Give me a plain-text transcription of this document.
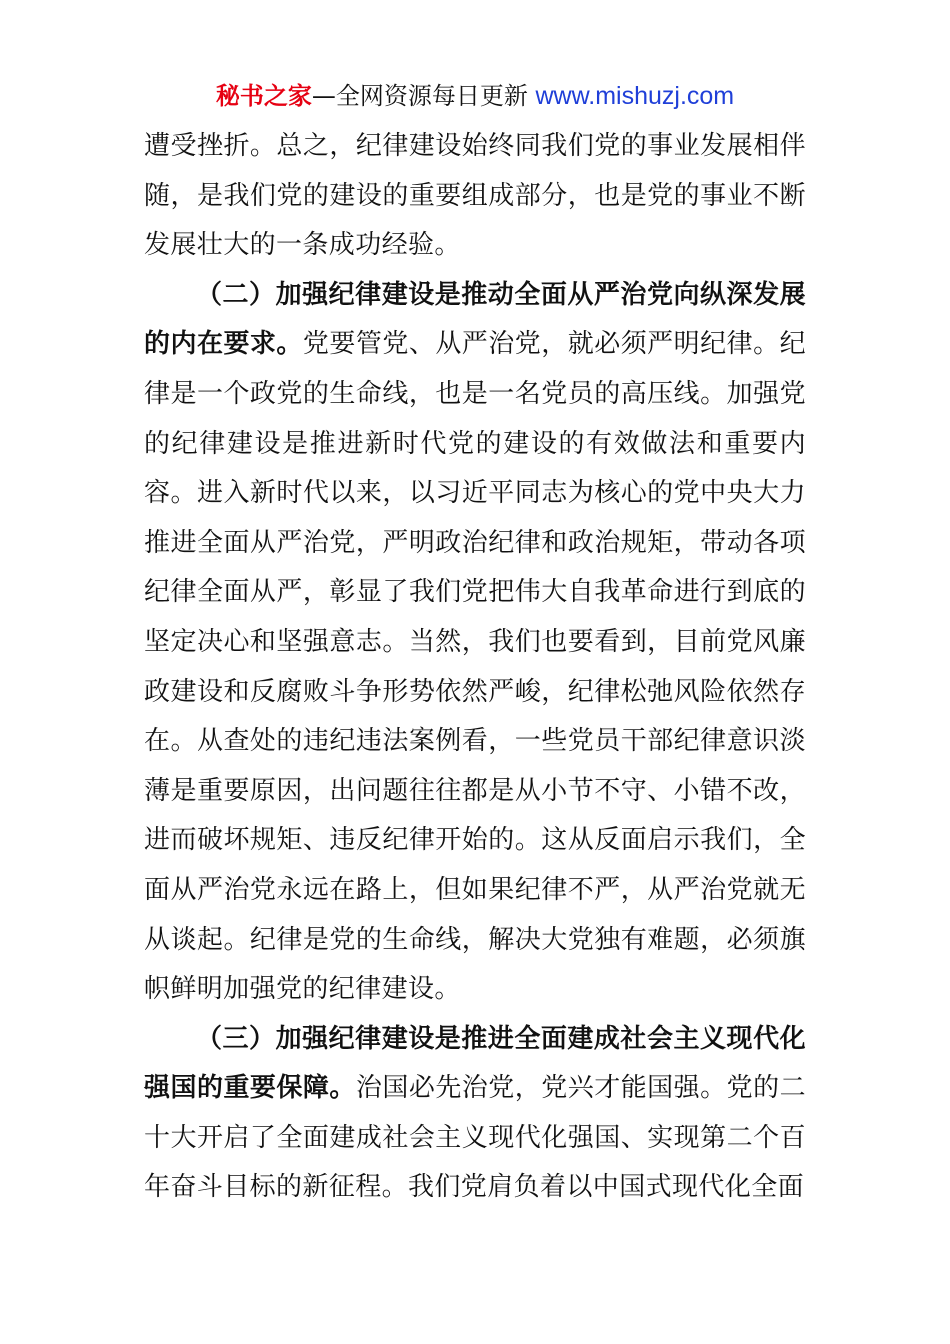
秘书之家—全网资源每日更新 www.mishuzj.com

遭受挫折。总之，纪律建设始终同我们党的事业发展相伴随，是我们党的建设的重要组成部分，也是党的事业不断发展壮大的一条成功经验。

（二）加强纪律建设是推动全面从严治党向纵深发展的内在要求。党要管党、从严治党，就必须严明纪律。纪律是一个政党的生命线，也是一名党员的高压线。加强党的纪律建设是推进新时代党的建设的有效做法和重要内容。进入新时代以来，以习近平同志为核心的党中央大力推进全面从严治党，严明政治纪律和政治规矩，带动各项纪律全面从严，彰显了我们党把伟大自我革命进行到底的坚定决心和坚强意志。当然，我们也要看到，目前党风廉政建设和反腐败斗争形势依然严峻，纪律松弛风险依然存在。从查处的违纪违法案例看，一些党员干部纪律意识淡薄是重要原因，出问题往往都是从小节不守、小错不改，进而破坏规矩、违反纪律开始的。这从反面启示我们，全面从严治党永远在路上，但如果纪律不严，从严治党就无从谈起。纪律是党的生命线，解决大党独有难题，必须旗帜鲜明加强党的纪律建设。

（三）加强纪律建设是推进全面建成社会主义现代化强国的重要保障。治国必先治党，党兴才能国强。党的二十大开启了全面建成社会主义现代化强国、实现第二个百年奋斗目标的新征程。我们党肩负着以中国式现代化全面
